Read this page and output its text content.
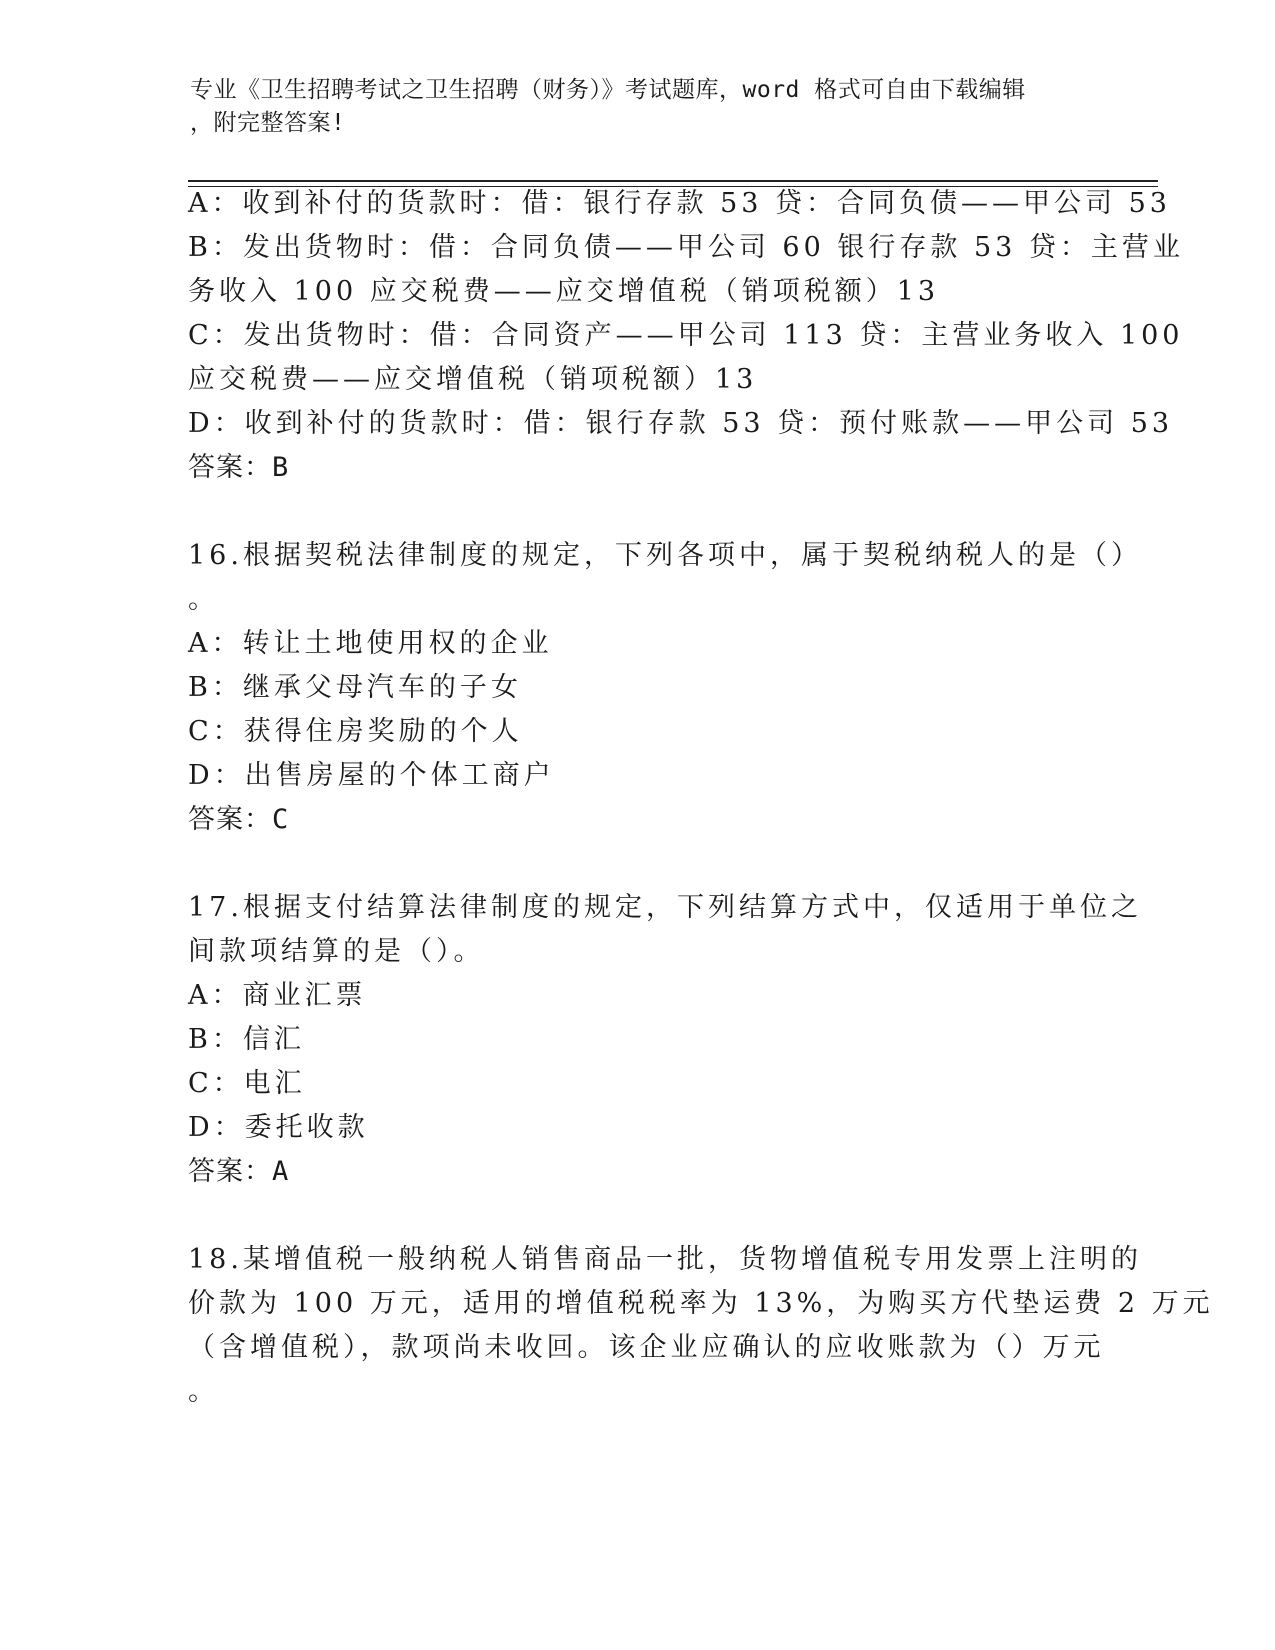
专业《卫生招聘考试之卫生招聘（财务）》考试题库，word 格式可自由下载编辑
，附完整答案!
A：收到补付的货款时：借：银行存款 53 贷：合同负债——甲公司 53
B：发出货物时：借：合同负债——甲公司 60 银行存款 53 贷：主营业
务收入 100 应交税费——应交增值税（销项税额）13
C：发出货物时：借：合同资产——甲公司 113 贷：主营业务收入 100
应交税费——应交增值税（销项税额）13
D：收到补付的货款时：借：银行存款 53 贷：预付账款——甲公司 53
答案：B
16.根据契税法律制度的规定，下列各项中，属于契税纳税人的是（）
。
A：转让土地使用权的企业
B：继承父母汽车的子女
C：获得住房奖励的个人
D：出售房屋的个体工商户
答案：C
17.根据支付结算法律制度的规定，下列结算方式中，仅适用于单位之
间款项结算的是（）。
A：商业汇票
B：信汇
C：电汇
D：委托收款
答案：A
18.某增值税一般纳税人销售商品一批，货物增值税专用发票上注明的
价款为 100 万元，适用的增值税税率为 13%，为购买方代垫运费 2 万元
（含增值税），款项尚未收回。该企业应确认的应收账款为（）万元
。
